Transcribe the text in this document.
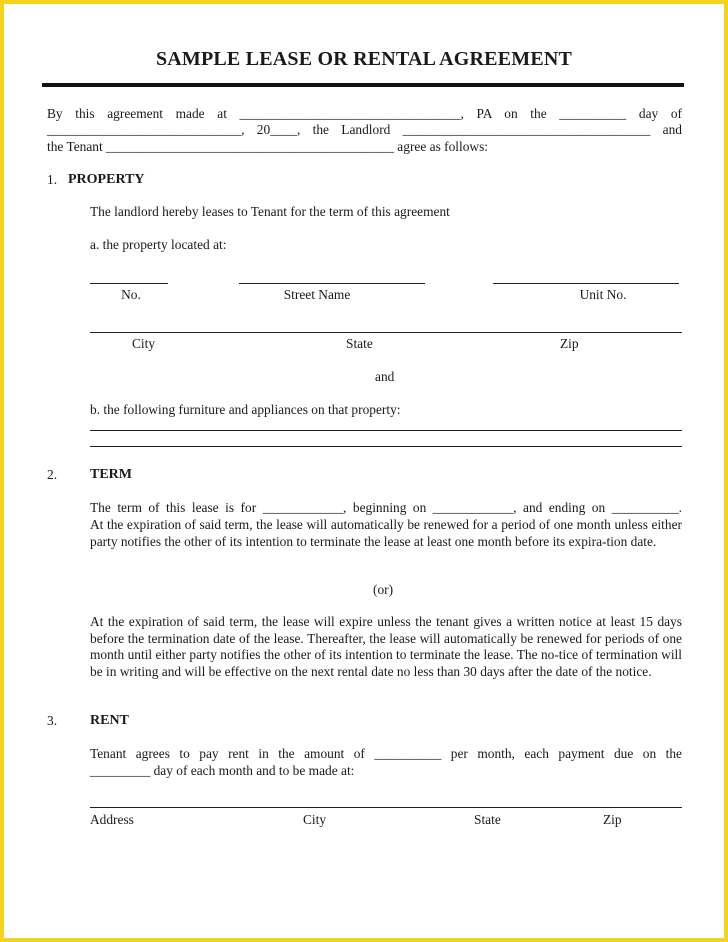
SAMPLE LEASE OR RENTAL AGREEMENT
By this agreement made at _________________________________, PA on the __________ day of
_____________________________, 20____, the Landlord _____________________________________ and
the Tenant ___________________________________________ agree as follows:
1. PROPERTY
The landlord hereby leases to Tenant for the term of this agreement
a. the property located at:
No.	Street Name	Unit No.
City	State	Zip
and
b. the following furniture and appliances on that property:
2. TERM
The term of this lease is for ____________, beginning on ____________, and ending on __________.
At the expiration of said term, the lease will automatically be renewed for a period of one month unless either party notifies the other of its intention to terminate the lease at least one month before its expira-tion date.
(or)
At the expiration of said term, the lease will expire unless the tenant gives a written notice at least 15 days before the termination date of the lease. Thereafter, the lease will automatically be renewed for periods of one month until either party notifies the other of its intention to terminate the lease. The no-tice of termination will be in writing and will be effective on the next rental date no less than 30 days after the date of the notice.
3. RENT
Tenant agrees to pay rent in the amount of __________ per month, each payment due on the
_________ day of each month and to be made at:
Address	City	State	Zip
